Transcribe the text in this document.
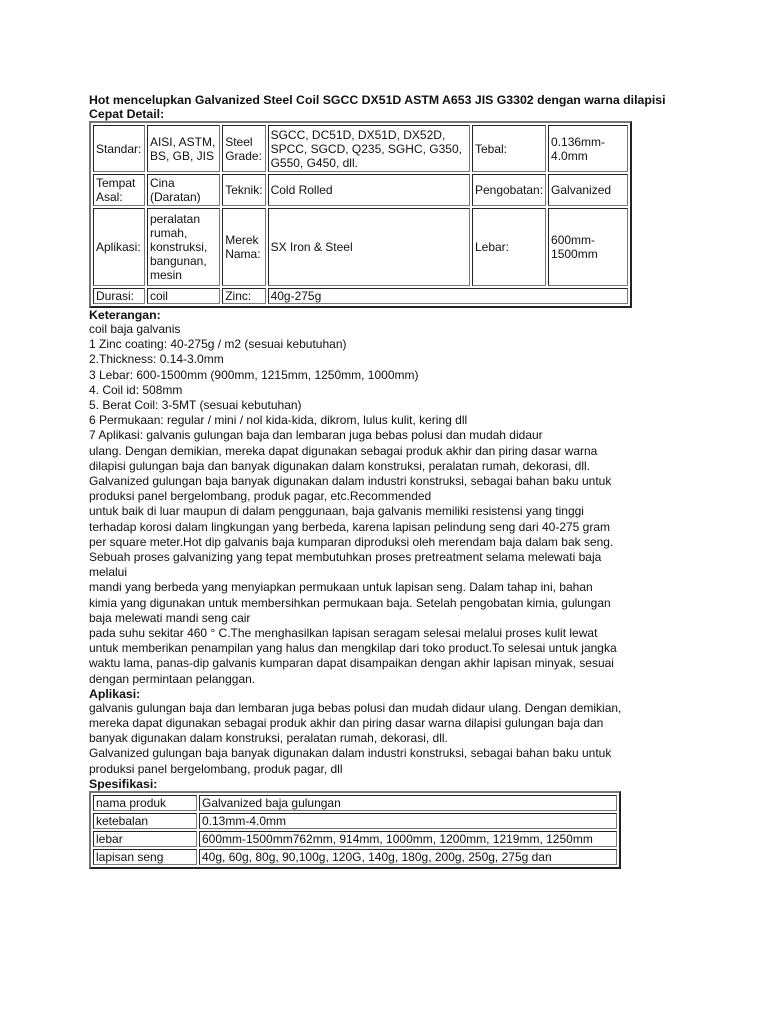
Hot mencelupkan Galvanized Steel Coil SGCC DX51D ASTM A653 JIS G3302 dengan warna dilapisi
Cepat Detail:
Standar:	AISI, ASTM, BS, GB, JIS	Steel Grade:	SGCC, DC51D, DX51D, DX52D, SPCC, SGCD, Q235, SGHC, G350, G550, G450, dll.	Tebal:	0.136mm-4.0mm
Tempat Asal:	Cina (Daratan)	Teknik:	Cold Rolled	Pengobatan:	Galvanized
Aplikasi:	peralatan rumah, konstruksi, bangunan, mesin	Merek Nama:	SX Iron & Steel	Lebar:	600mm-1500mm
Durasi:	coil	Zinc:	40g-275g		
Keterangan:
coil baja galvanis
1 Zinc coating: 40-275g / m2 (sesuai kebutuhan)
2.Thickness: 0.14-3.0mm
3 Lebar: 600-1500mm (900mm, 1215mm, 1250mm, 1000mm)
4. Coil id: 508mm
5. Berat Coil: 3-5MT (sesuai kebutuhan)
6 Permukaan: regular / mini / nol kida-kida, dikrom, lulus kulit, kering dll
7 Aplikasi: galvanis gulungan baja dan lembaran juga bebas polusi dan mudah didaur
ulang. Dengan demikian, mereka dapat digunakan sebagai produk akhir dan piring dasar warna
dilapisi gulungan baja dan banyak digunakan dalam konstruksi, peralatan rumah, dekorasi, dll.
Galvanized gulungan baja banyak digunakan dalam industri konstruksi, sebagai bahan baku untuk
produksi panel bergelombang, produk pagar, etc.Recommended
untuk baik di luar maupun di dalam penggunaan, baja galvanis memiliki resistensi yang tinggi
terhadap korosi dalam lingkungan yang berbeda, karena lapisan pelindung seng dari 40-275 gram
per square meter.Hot dip galvanis baja kumparan diproduksi oleh merendam baja dalam bak seng.
Sebuah proses galvanizing yang tepat membutuhkan proses pretreatment selama melewati baja
melalui
mandi yang berbeda yang menyiapkan permukaan untuk lapisan seng. Dalam tahap ini, bahan
kimia yang digunakan untuk membersihkan permukaan baja. Setelah pengobatan kimia, gulungan
baja melewati mandi seng cair
pada suhu sekitar 460 ° C.The menghasilkan lapisan seragam selesai melalui proses kulit lewat
untuk memberikan penampilan yang halus dan mengkilap dari toko product.To selesai untuk jangka
waktu lama, panas-dip galvanis kumparan dapat disampaikan dengan akhir lapisan minyak, sesuai
dengan permintaan pelanggan.
Aplikasi:
galvanis gulungan baja dan lembaran juga bebas polusi dan mudah didaur ulang. Dengan demikian,
mereka dapat digunakan sebagai produk akhir dan piring dasar warna dilapisi gulungan baja dan
banyak digunakan dalam konstruksi, peralatan rumah, dekorasi, dll.
Galvanized gulungan baja banyak digunakan dalam industri konstruksi, sebagai bahan baku untuk
produksi panel bergelombang, produk pagar, dll
Spesifikasi:
nama produk	Galvanized baja gulungan
ketebalan	0.13mm-4.0mm
lebar	600mm-1500mm762mm, 914mm, 1000mm, 1200mm, 1219mm, 1250mm
lapisan seng	40g, 60g, 80g, 90,100g, 120G, 140g, 180g, 200g, 250g, 275g dan
